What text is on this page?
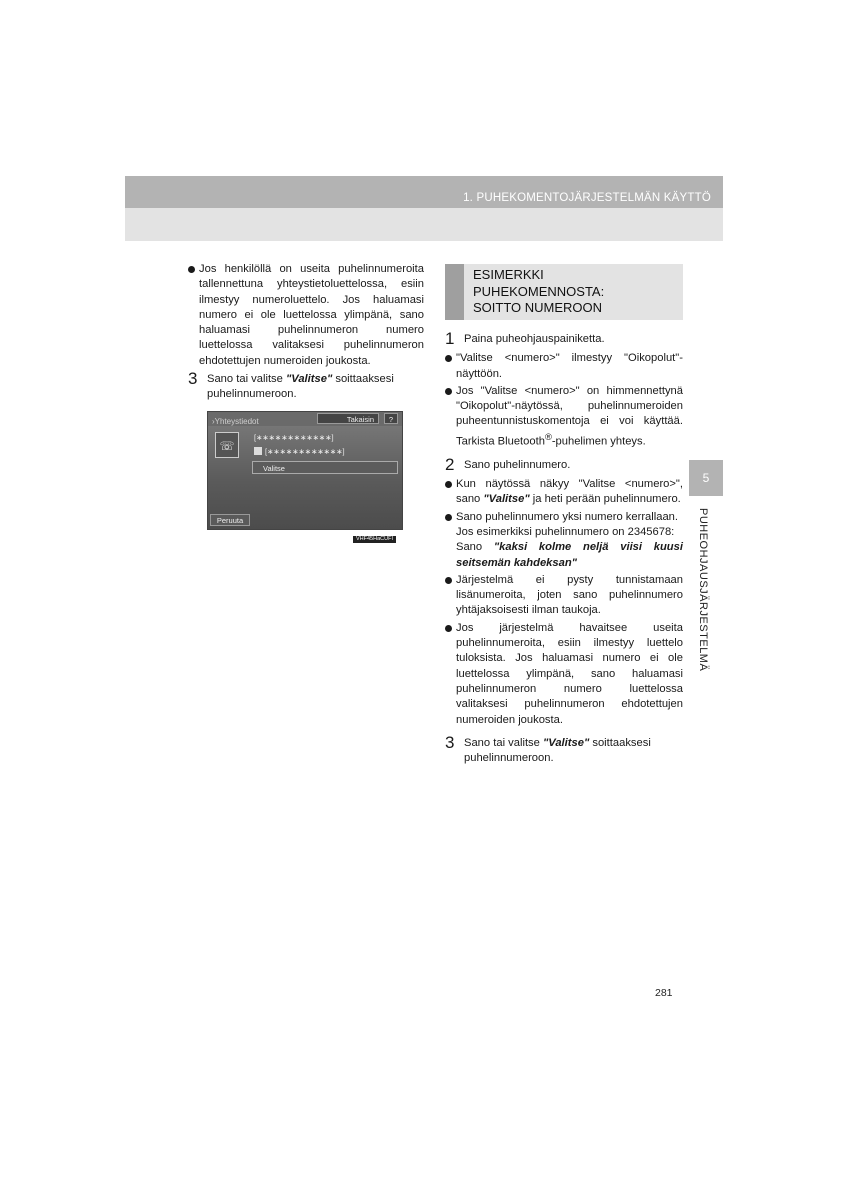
1. PUHEKOMENTOJÄRJESTELMÄN KÄYTTÖ
Jos henkilöllä on useita puhelinnumeroita tallennettuna yhteystietoluettelossa, esiin ilmestyy numeroluettelo. Jos haluamasi numero ei ole luettelossa ylimpänä, sano haluamasi puhelinnumeron numero luettelossa valitaksesi puhelinnumeron ehdotettujen numeroiden joukosta.
3 Sano tai valitse "Valitse" soittaaksesi puhelinnumeroon.
›Yhteystiedot	Takaisin	?
☏
[∗∗∗∗∗∗∗∗∗∗∗∗]
[∗∗∗∗∗∗∗∗∗∗∗∗]
Valitse
Peruuta
VHF45HaCUFI
ESIMERKKI
PUHEKOMENNOSTA:
SOITTO NUMEROON
1 Paina puheohjauspainiketta.
"Valitse <numero>" ilmestyy "Oikopolut"-näyttöön.
Jos "Valitse <numero>" on himmennettynä "Oikopolut"-näytössä, puhelinnumeroiden puheentunnistuskomentoja ei voi käyttää. Tarkista Bluetooth®-puhelimen yhteys.
2 Sano puhelinnumero.
Kun näytössä näkyy "Valitse <numero>", sano "Valitse" ja heti perään puhelinnumero.
Sano puhelinnumero yksi numero kerrallaan.
Jos esimerkiksi puhelinnumero on 2345678:
Sano "kaksi kolme neljä viisi kuusi seitsemän kahdeksan"
Järjestelmä ei pysty tunnistamaan lisänumeroita, joten sano puhelinnumero yhtäjaksoisesti ilman taukoja.
Jos järjestelmä havaitsee useita puhelinnumeroita, esiin ilmestyy luettelo tuloksista. Jos haluamasi numero ei ole luettelossa ylimpänä, sano haluamasi puhelinnumeron numero luettelossa valitaksesi puhelinnumeron ehdotettujen numeroiden joukosta.
3 Sano tai valitse "Valitse" soittaaksesi puhelinnumeroon.
5
PUHEOHJAUSJÄRJESTELMÄ
281
